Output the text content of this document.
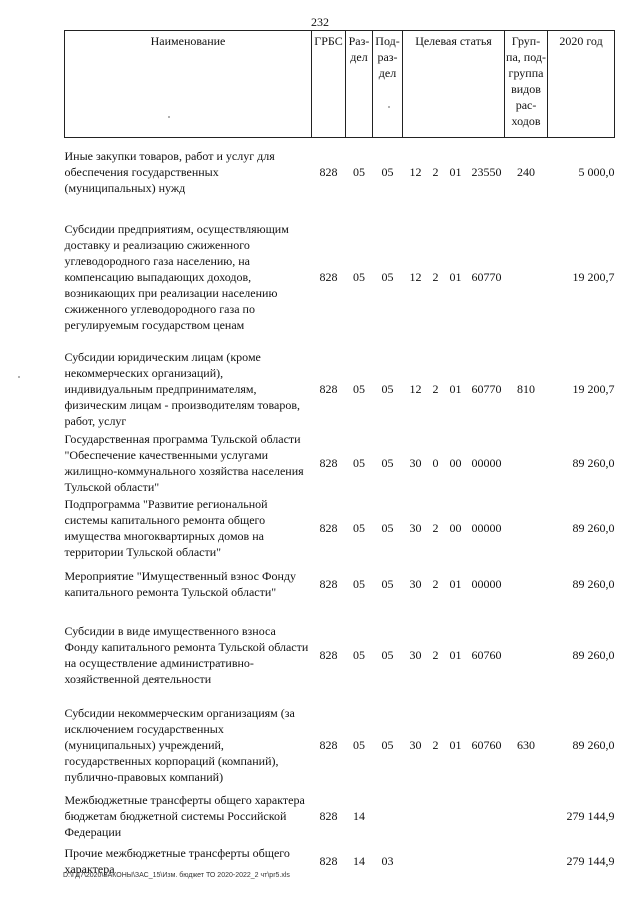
232
Наименование	ГРБС	Раз-дел	Под-раз-дел	Целевая статья				Груп-па, под-группа видов рас-ходов	2020 год
Иные закупки товаров, работ и услуг для обеспечения государственных (муниципальных) нужд	828	05	05	12	2	01	23550	240	5 000,0
Субсидии предприятиям, осуществляющим доставку и реализацию сжиженного углеводородного газа населению, на компенсацию выпадающих доходов, возникающих при реализации населению сжиженного углеводородного газа по регулируемым государством ценам	828	05	05	12	2	01	60770		19 200,7
Субсидии юридическим лицам (кроме некоммерческих организаций), индивидуальным предпринимателям, физическим лицам - производителям товаров, работ, услуг	828	05	05	12	2	01	60770	810	19 200,7
Государственная программа Тульской области "Обеспечение качественными услугами жилищно-коммунального хозяйства населения Тульской области"	828	05	05	30	0	00	00000		89 260,0
Подпрограмма "Развитие региональной системы капитального ремонта общего имущества многоквартирных домов на территории Тульской области"	828	05	05	30	2	00	00000		89 260,0
Мероприятие "Имущественный взнос Фонду капитального ремонта Тульской области"	828	05	05	30	2	01	00000		89 260,0
Субсидии в виде имущественного взноса Фонду капитального ремонта Тульской области на осуществление административно-хозяйственной деятельности	828	05	05	30	2	01	60760		89 260,0
Субсидии некоммерческим организациям (за исключением государственных (муниципальных) учреждений, государственных корпораций (компаний), публично-правовых компаний)	828	05	05	30	2	01	60760	630	89 260,0
Межбюджетные трансферты общего характера бюджетам бюджетной системы Российской Федерации	828	14							279 144,9
Прочие межбюджетные трансферты общего характера	828	14	03						279 144,9
D:\ГД7\2020\ЗАКОНЫ\ЗАС_15\Изм. бюджет ТО 2020-2022_2 чт\pr5.xls
